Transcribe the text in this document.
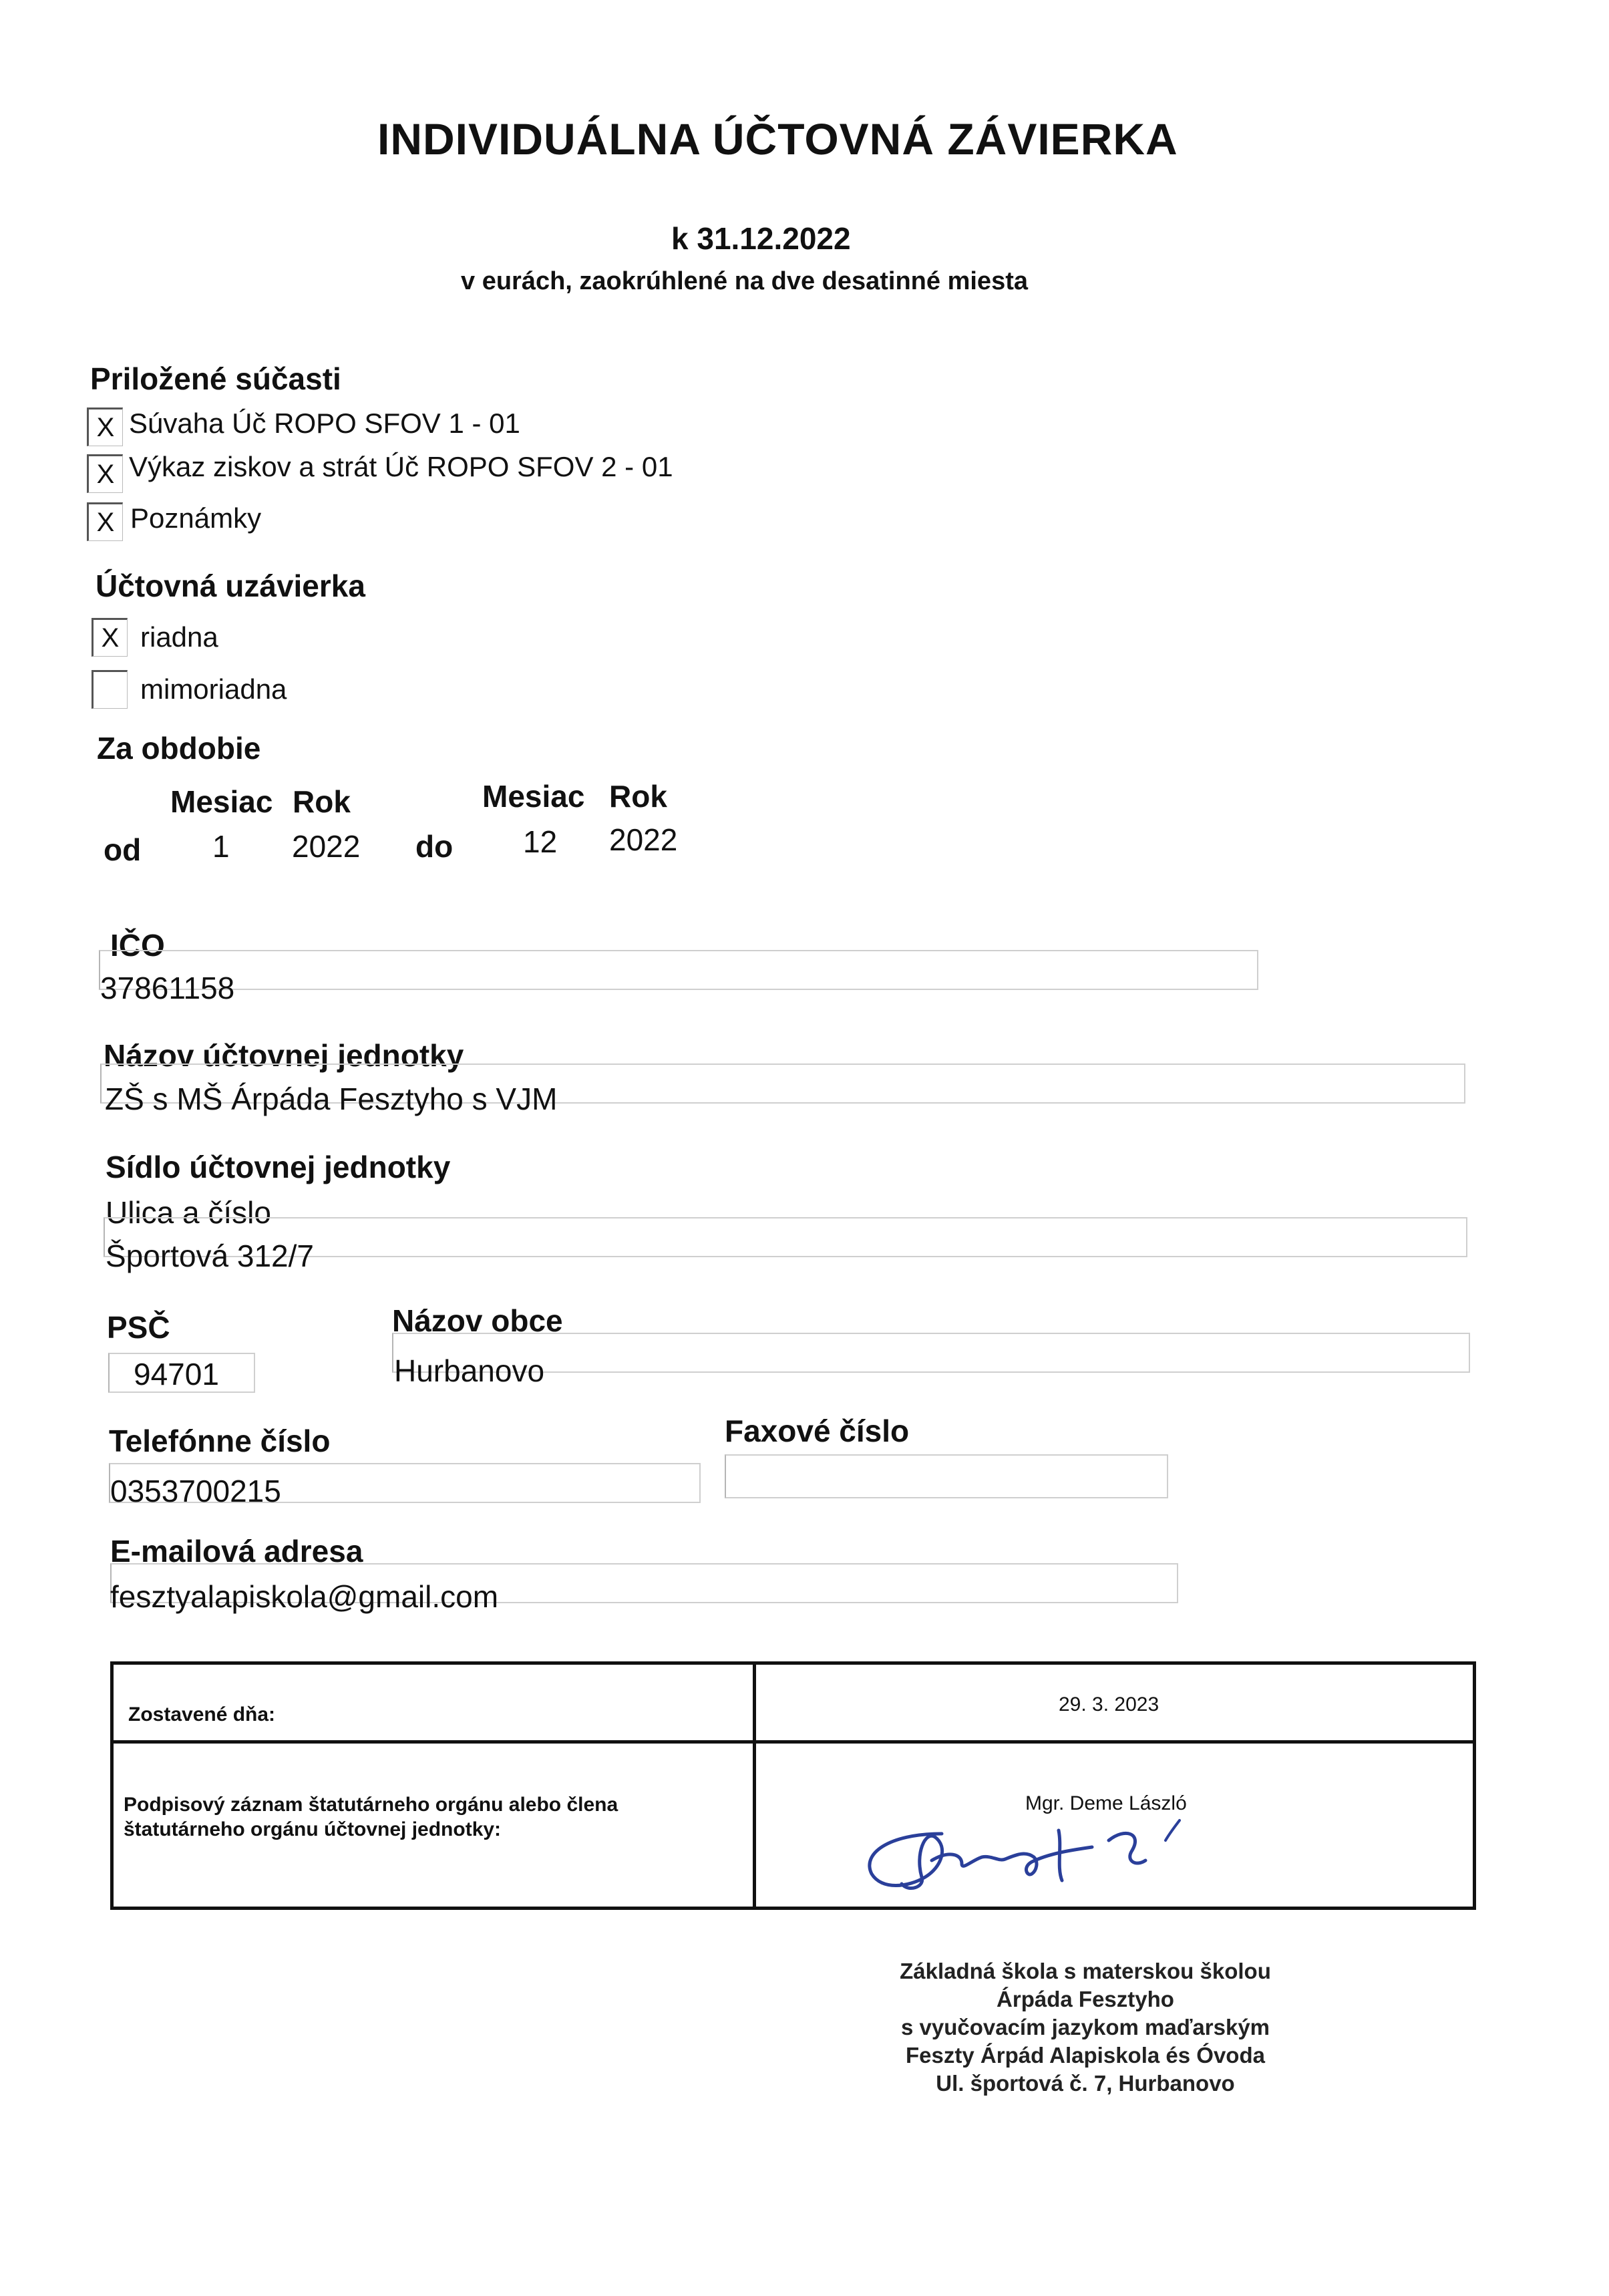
INDIVIDUÁLNA ÚČTOVNÁ ZÁVIERKA
k 31.12.2022
v eurách, zaokrúhlené na dve desatinné miesta
Priložené súčasti
X Súvaha Úč ROPO SFOV 1 - 01
X Výkaz ziskov a strát Úč ROPO SFOV 2 - 01
X Poznámky
Účtovná uzávierka
X riadna
mimoriadna
Za obdobie
Mesiac Rok	Mesiac Rok
od 1 2022 do 12 2022
IČO
37861158
Názov účtovnej jednotky
ZŠ s MŠ Árpáda Fesztyho s VJM
Sídlo účtovnej jednotky
Ulica a číslo
Športová 312/7
PSČ
94701
Názov obce
Hurbanovo
Telefónne číslo
0353700215
Faxové číslo
E-mailová adresa
fesztyalapiskola@gmail.com
Zostavené dňa:	29. 3. 2023
Podpisový záznam štatutárneho orgánu alebo člena
štatutárneho orgánu účtovnej jednotky:
Mgr. Deme László
Základná škola s materskou školou
Árpáda Fesztyho
s vyučovacím jazykom maďarským
Feszty Árpád Alapiskola és Óvoda
Ul. športová č. 7, Hurbanovo
